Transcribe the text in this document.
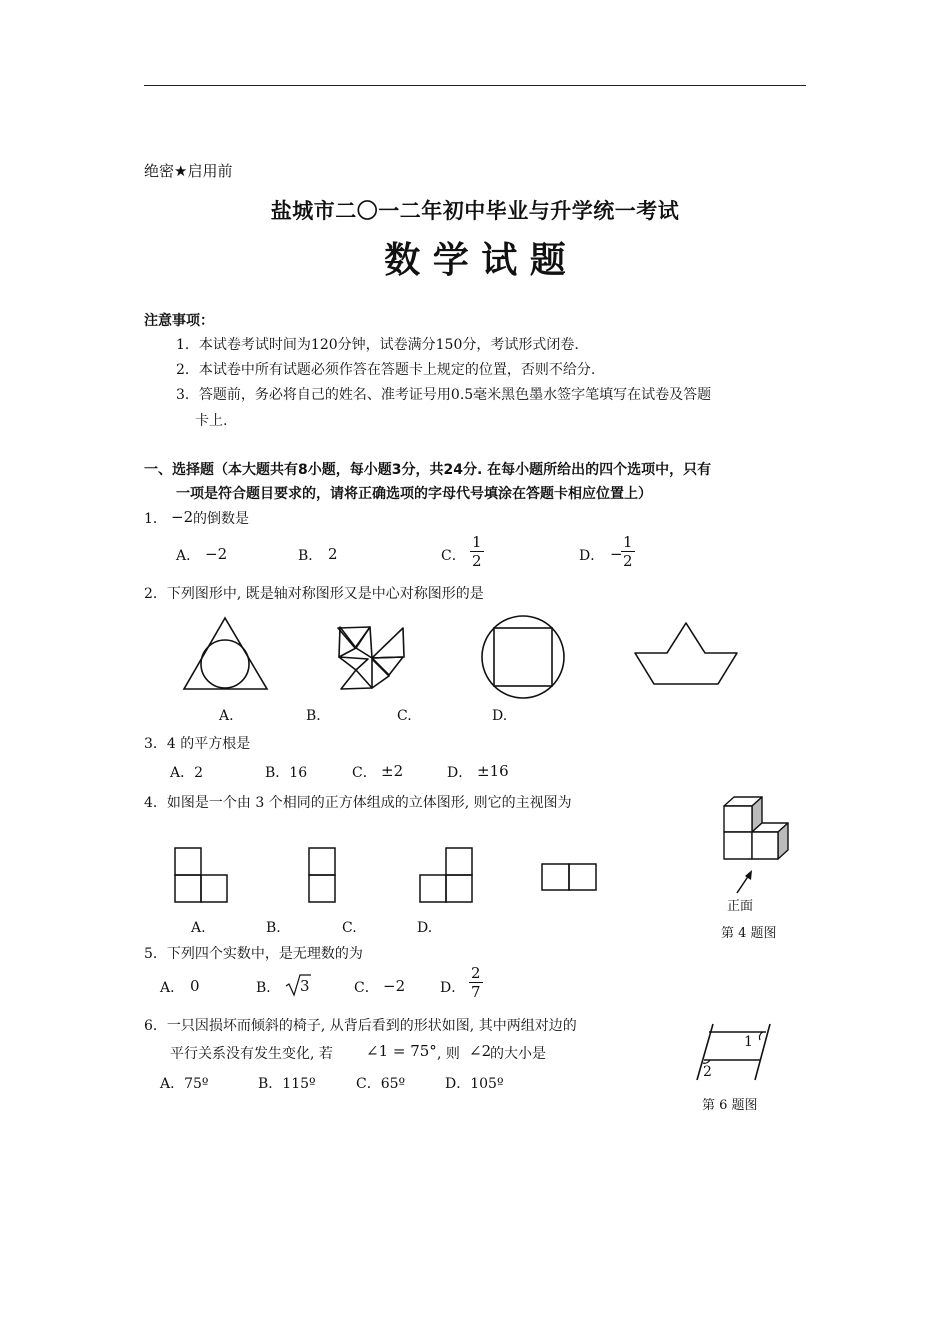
绝密★启用前
盐城市二〇一二年初中毕业与升学统一考试
数 学 试 题
注意事项：
1．本试卷考试时间为120分钟，试卷满分150分，考试形式闭卷.
2．本试卷中所有试题必须作答在答题卡上规定的位置，否则不给分.
3．答题前，务必将自己的姓名、准考证号用0.5毫米黑色墨水签字笔填写在试卷及答题
卡上.
一、选择题（本大题共有8小题，每小题3分，共24分. 在每小题所给出的四个选项中，只有
一项是符合题目要求的，请将正确选项的字母代号填涂在答题卡相应位置上）
1． −2 的倒数是
A． −2	B． 2	C． $\frac{1}{2}$	D． −
$\frac{1}{2}$
2．下列图形中, 既是轴对称图形又是中心对称图形的是
A.	B.	C.	D.
3．4 的平方根是
A．2	B．16	C． ±2	D． ±16
4．如图是一个由 3 个相同的正方体组成的立体图形, 则它的主视图为
正面
A.	B.	C.	D.	第 4 题图
5．下列四个实数中，是无理数的为
A． 0	B． 3	C． −2 D． $\frac{2}{7}$
6．一只因损坏而倾斜的椅子, 从背后看到的形状如图, 其中两组对边的
平行关系没有发生变化, 若 ∠1 = 75° , 则 ∠2
的大小是
A．75º	B．115º	C．65º	D．105º
1
2
第 6 题图
